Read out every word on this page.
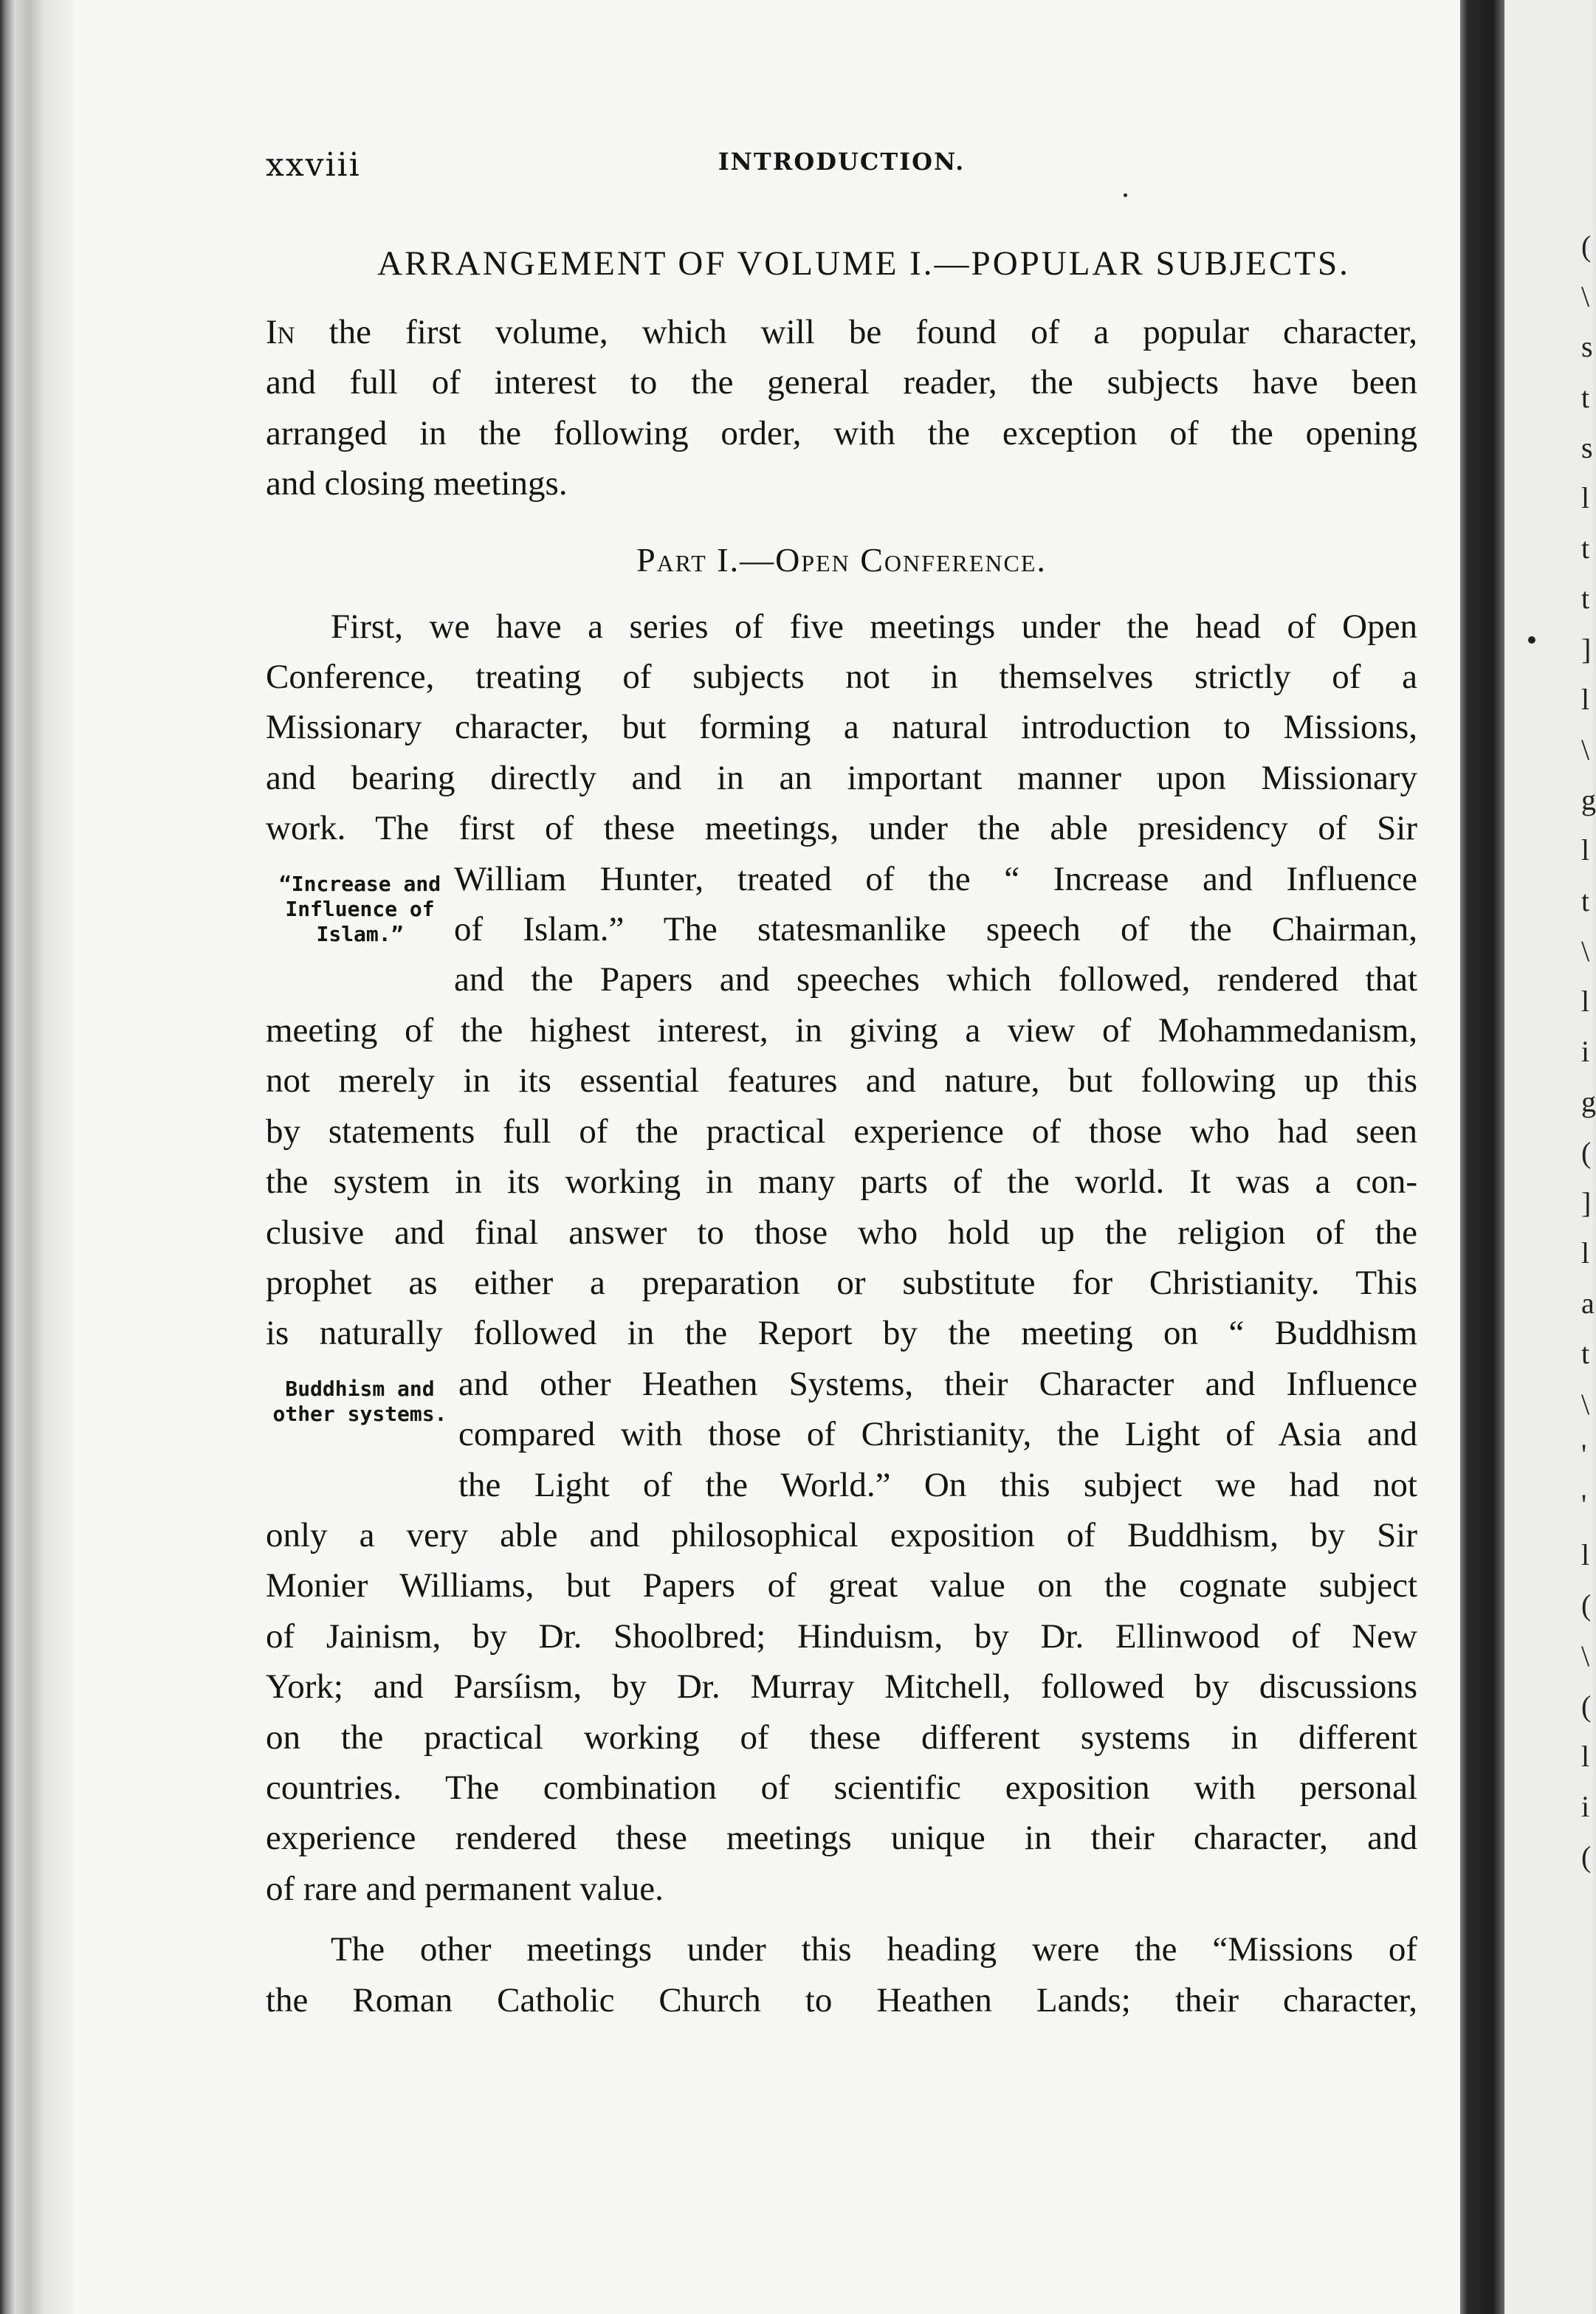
(
\
s
t
s
l
t
t
]
l
\
g
l
t
\
l
i
g
(
]
l
a
t
\
'
'
l
(
\
(
l
i
(
xxviii	INTRODUCTION.
ARRANGEMENT OF VOLUME I.—POPULAR SUBJECTS.

In the first volume, which will be found of a popular character,

and full of interest to the general reader, the subjects have been

arranged in the following order, with the exception of the opening

and closing meetings.

Part I.—Open Conference.

First, we have a series of five meetings under the head of Open

Conference, treating of subjects not in themselves strictly of a

Missionary character, but forming a natural introduction to Missions,

and bearing directly and in an important manner upon Missionary

work. The first of these meetings, under the able presidency of Sir

“Increase and Influence of Islam.”

William Hunter, treated of the “ Increase and Influence

of Islam.” The statesmanlike speech of the Chairman,

and the Papers and speeches which followed, rendered that

meeting of the highest interest, in giving a view of Mohammedanism,

not merely in its essential features and nature, but following up this

by statements full of the practical experience of those who had seen

the system in its working in many parts of the world. It was a con-

clusive and final answer to those who hold up the religion of the

prophet as either a preparation or substitute for Christianity. This

is naturally followed in the Report by the meeting on “ Buddhism

Buddhism and other systems.

and other Heathen Systems, their Character and Influence

compared with those of Christianity, the Light of Asia and

the Light of the World.” On this subject we had not

only a very able and philosophical exposition of Buddhism, by Sir

Monier Williams, but Papers of great value on the cognate subject

of Jainism, by Dr. Shoolbred; Hinduism, by Dr. Ellinwood of New

York; and Parsíism, by Dr. Murray Mitchell, followed by discussions

on the practical working of these different systems in different

countries. The combination of scientific exposition with personal

experience rendered these meetings unique in their character, and

of rare and permanent value.

The other meetings under this heading were the “Missions of

the Roman Catholic Church to Heathen Lands; their character,
